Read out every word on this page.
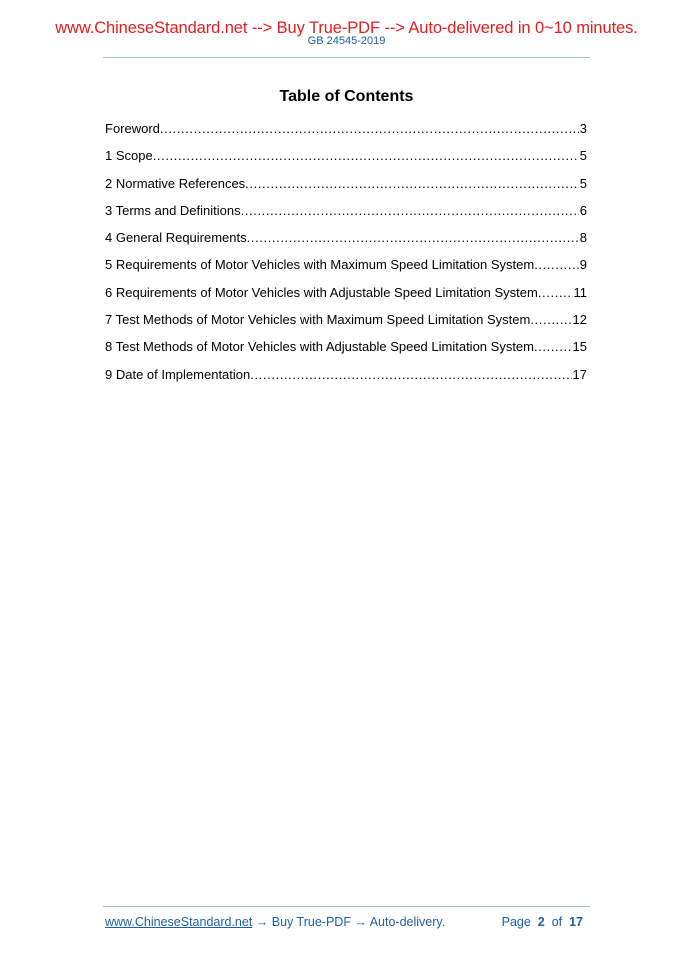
www.ChineseStandard.net --> Buy True-PDF --> Auto-delivered in 0~10 minutes.
GB 24545-2019
Table of Contents
Foreword .....	3
1 Scope .....	5
2 Normative References .....	5
3 Terms and Definitions .....	6
4 General Requirements .....	8
5 Requirements of Motor Vehicles with Maximum Speed Limitation System .....	9
6 Requirements of Motor Vehicles with Adjustable Speed Limitation System .....	11
7 Test Methods of Motor Vehicles with Maximum Speed Limitation System .....	12
8 Test Methods of Motor Vehicles with Adjustable Speed Limitation System .....	15
9 Date of Implementation .....	17
www.ChineseStandard.net → Buy True-PDF → Auto-delivery.	Page 2 of 17
